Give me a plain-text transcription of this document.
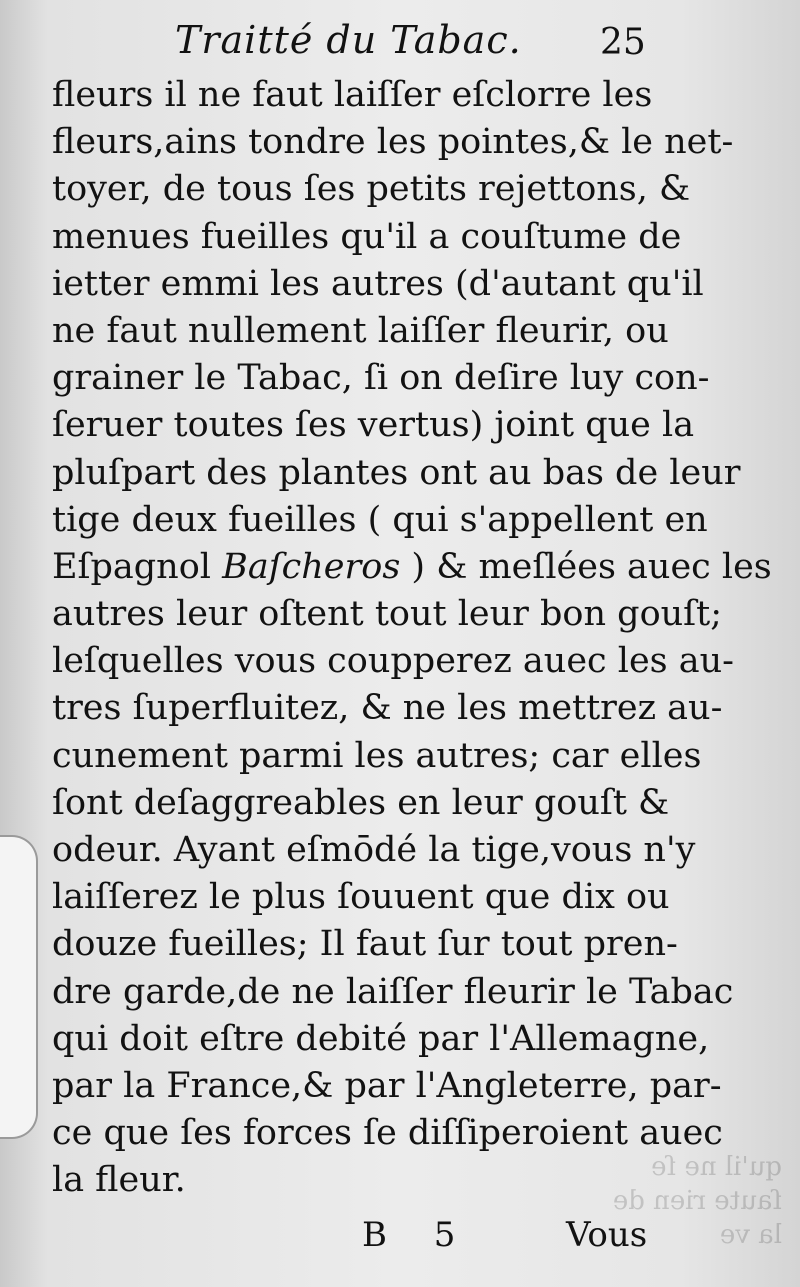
qu'il ne ſe ſaute rien de la ve
Traitté du Tabac. 25
fleurs il ne faut laiſſer eſclorre les
fleurs,ains tondre les pointes,& le net-
toyer, de tous ſes petits rejettons, &
menues fueilles qu'il a couſtume de
ietter emmi les autres (d'autant qu'il
ne faut nullement laiſſer fleurir, ou
grainer le Tabac, ſi on deſire luy con-
ſeruer toutes ſes vertus) joint que la
pluſpart des plantes ont au bas de leur
tige deux fueilles ( qui s'appellent en
Eſpagnol Baſcheros ) & meſlées auec les
autres leur oſtent tout leur bon gouſt;
leſquelles vous coupperez auec les au-
tres ſuperfluitez, & ne les mettrez au-
cunement parmi les autres; car elles
ſont deſaggreables en leur gouſt &
odeur. Ayant eſmōdé la tige,vous n'y
laiſſerez le plus ſouuent que dix ou
douze fueilles; Il faut ſur tout pren-
dre garde,de ne laiſſer fleurir le Tabac
qui doit eſtre debité par l'Allemagne,
par la France,& par l'Angleterre, par-
ce que ſes forces ſe diſſiperoient auec
la fleur.
B 5	Vous
